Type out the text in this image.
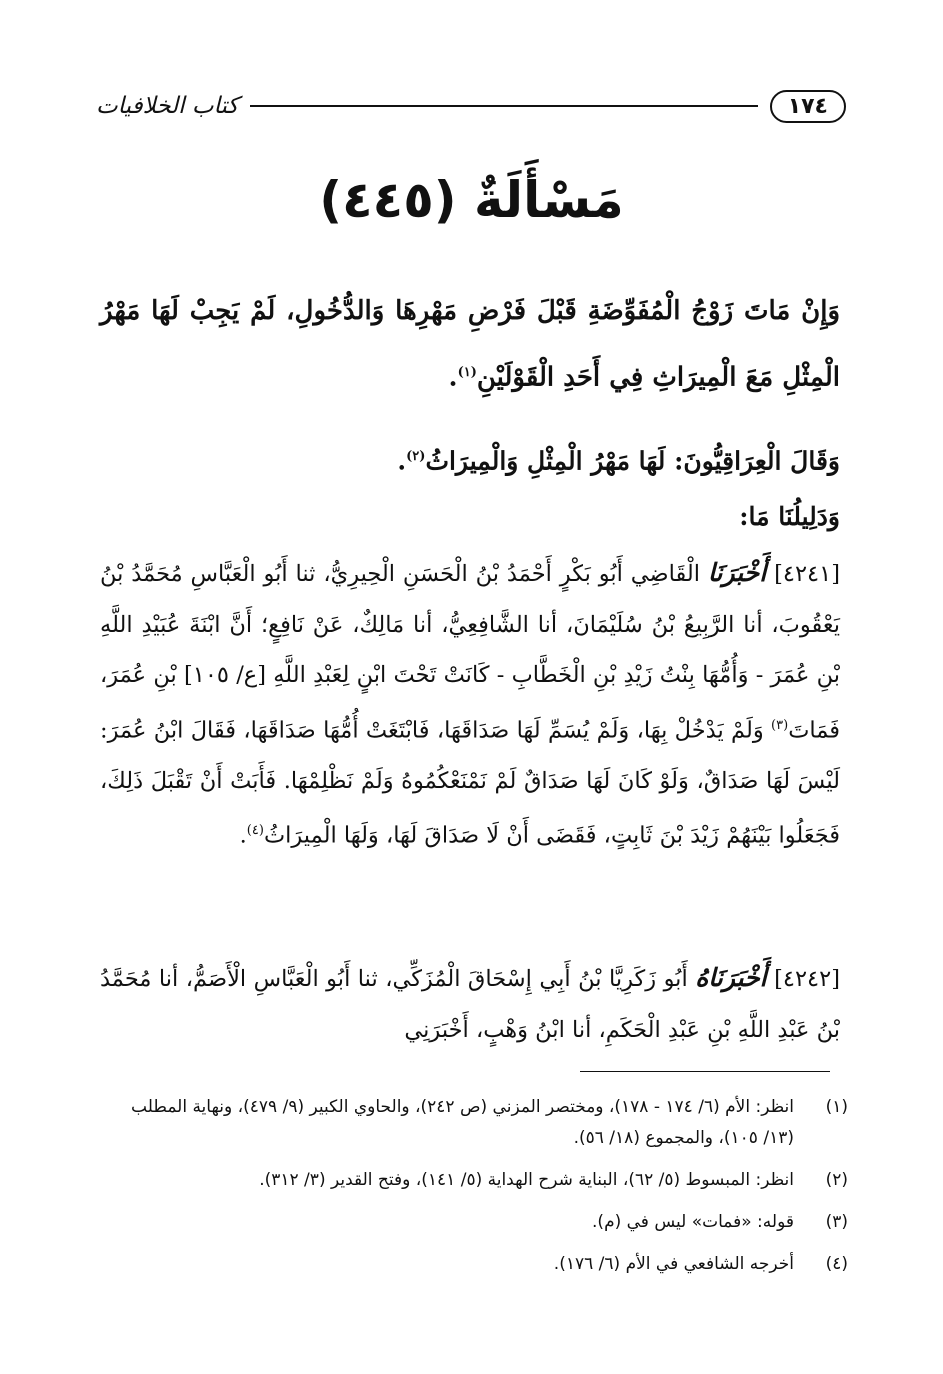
١٧٤
كتاب الخلافيات
مَسْأَلَةٌ (٤٤٥)
وَإِنْ مَاتَ زَوْجُ الْمُفَوِّضَةِ قَبْلَ فَرْضِ مَهْرِهَا وَالدُّخُولِ، لَمْ يَجِبْ لَهَا مَهْرُ الْمِثْلِ مَعَ الْمِيرَاثِ فِي أَحَدِ الْقَوْلَيْنِ$^{(١)}$.
وَقَالَ الْعِرَاقِيُّونَ: لَهَا مَهْرُ الْمِثْلِ وَالْمِيرَاثُ$^{(٢)}$.
وَدَلِيلُنَا مَا:
[٤٢٤١] أَخْبَرَنَا الْقَاضِي أَبُو بَكْرٍ أَحْمَدُ بْنُ الْحَسَنِ الْحِيرِيُّ، ثنا أَبُو الْعَبَّاسِ مُحَمَّدُ بْنُ يَعْقُوبَ، أنا الرَّبِيعُ بْنُ سُلَيْمَانَ، أنا الشَّافِعِيُّ، أنا مَالِكٌ، عَنْ نَافِعٍ؛ أَنَّ ابْنَةَ عُبَيْدِ اللَّهِ بْنِ عُمَرَ - وَأُمُّهَا بِنْتُ زَيْدِ بْنِ الْخَطَّابِ - كَانَتْ تَحْتَ ابْنٍ لِعَبْدِ اللَّهِ [ع/ ١٠٥] بْنِ عُمَرَ، فَمَاتَ$^{(٣)}$ وَلَمْ يَدْخُلْ بِهَا، وَلَمْ يُسَمِّ لَهَا صَدَاقَهَا، فَابْتَغَتْ أُمُّهَا صَدَاقَهَا، فَقَالَ ابْنُ عُمَرَ: لَيْسَ لَهَا صَدَاقٌ، وَلَوْ كَانَ لَهَا صَدَاقٌ لَمْ نَمْنَعْكُمُوهُ وَلَمْ نَظْلِمْهَا. فَأَبَتْ أَنْ تَقْبَلَ ذَلِكَ، فَجَعَلُوا بَيْنَهُمْ زَيْدَ بْنَ ثَابِتٍ، فَقَضَى أَنْ لَا صَدَاقَ لَهَا، وَلَهَا الْمِيرَاثُ$^{(٤)}$.
[٤٢٤٢] أَخْبَرَنَاهُ أَبُو زَكَرِيَّا بْنُ أَبِي إِسْحَاقَ الْمُزَكِّي، ثنا أَبُو الْعَبَّاسِ الْأَصَمُّ، أنا مُحَمَّدُ بْنُ عَبْدِ اللَّهِ بْنِ عَبْدِ الْحَكَمِ، أنا ابْنُ وَهْبٍ، أَخْبَرَنِي
(١)
انظر: الأم (٦/ ١٧٤ - ١٧٨)، ومختصر المزني (ص ٢٤٢)، والحاوي الكبير (٩/ ٤٧٩)، ونهاية المطلب (١٣/ ١٠٥)، والمجموع (١٨/ ٥٦).
(٢)
انظر: المبسوط (٥/ ٦٢)، البناية شرح الهداية (٥/ ١٤١)، وفتح القدير (٣/ ٣١٢).
(٣)
قوله: «فمات» ليس في (م).
(٤)
أخرجه الشافعي في الأم (٦/ ١٧٦).
